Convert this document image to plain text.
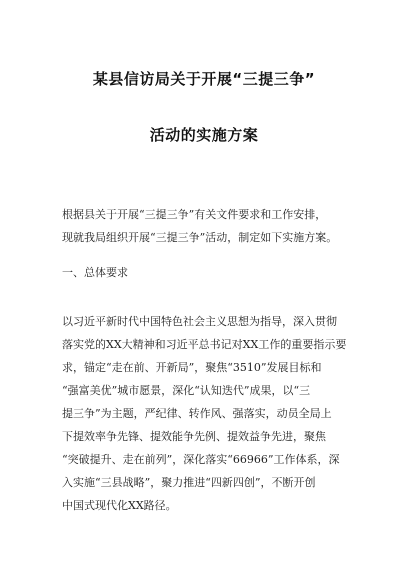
某县信访局关于开展“三提三争”
活动的实施方案
根据县关于开展“三提三争”有关文件要求和工作安排，
现就我局组织开展“三提三争”活动，制定如下实施方案。
一、总体要求
以习近平新时代中国特色社会主义思想为指导，深入贯彻
落实党的XX大精神和习近平总书记对XX工作的重要指示要
求，锚定“走在前、开新局”，聚焦“3510”发展目标和
“强富美优”城市愿景，深化“认知迭代”成果，以“三
提三争”为主题，严纪律、转作风、强落实，动员全局上
下提效率争先锋、提效能争先例、提效益争先进，聚焦
“突破提升、走在前列”，深化落实“66966”工作体系，深
入实施“三县战略”，聚力推进“四新四创”，不断开创
中国式现代化XX路径。
